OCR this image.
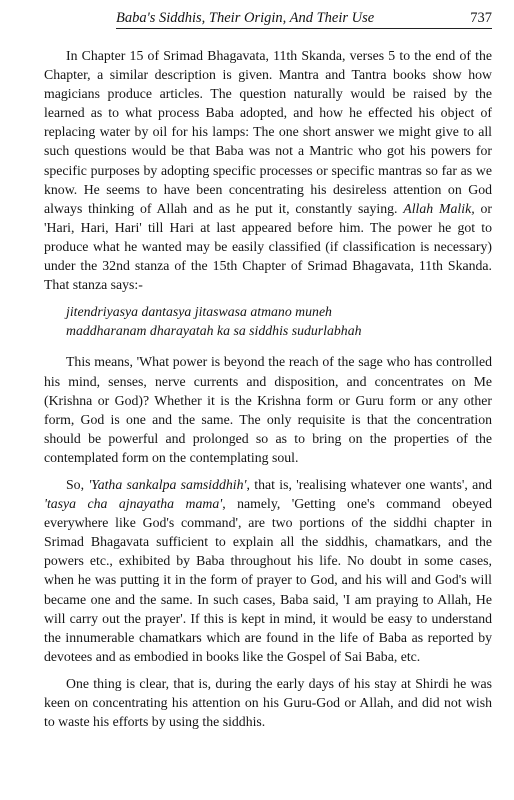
Baba's Siddhis, Their Origin, And Their Use	737

In Chapter 15 of Srimad Bhagavata, 11th Skanda, verses 5 to the end of the Chapter, a similar description is given. Mantra and Tantra books show how magicians produce articles. The question naturally would be raised by the learned as to what process Baba adopted, and how he effected his object of replacing water by oil for his lamps: The one short answer we might give to all such questions would be that Baba was not a Mantric who got his powers for specific purposes by adopting specific processes or specific mantras so far as we know. He seems to have been concentrating his desireless attention on God always thinking of Allah and as he put it, constantly saying. Allah Malik, or 'Hari, Hari, Hari' till Hari at last appeared before him. The power he got to produce what he wanted may be easily classified (if classification is necessary) under the 32nd stanza of the 15th Chapter of Srimad Bhagavata, 11th Skanda. That stanza says:-

jitendriyasya dantasya jitaswasa atmano muneh
maddharanam dharayatah ka sa siddhis sudurlabhah

This means, 'What power is beyond the reach of the sage who has controlled his mind, senses, nerve currents and disposition, and concentrates on Me (Krishna or God)? Whether it is the Krishna form or Guru form or any other form, God is one and the same. The only requisite is that the concentration should be powerful and prolonged so as to bring on the properties of the contemplated form on the contemplating soul.

So, 'Yatha sankalpa samsiddhih', that is, 'realising whatever one wants', and 'tasya cha ajnayatha mama', namely, 'Getting one's command obeyed everywhere like God's command', are two portions of the siddhi chapter in Srimad Bhagavata sufficient to explain all the siddhis, chamatkars, and the powers etc., exhibited by Baba throughout his life. No doubt in some cases, when he was putting it in the form of prayer to God, and his will and God's will became one and the same. In such cases, Baba said, 'I am praying to Allah, He will carry out the prayer'. If this is kept in mind, it would be easy to understand the innumerable chamatkars which are found in the life of Baba as reported by devotees and as embodied in books like the Gospel of Sai Baba, etc.

One thing is clear, that is, during the early days of his stay at Shirdi he was keen on concentrating his attention on his Guru-God or Allah, and did not wish to waste his efforts by using the siddhis.
